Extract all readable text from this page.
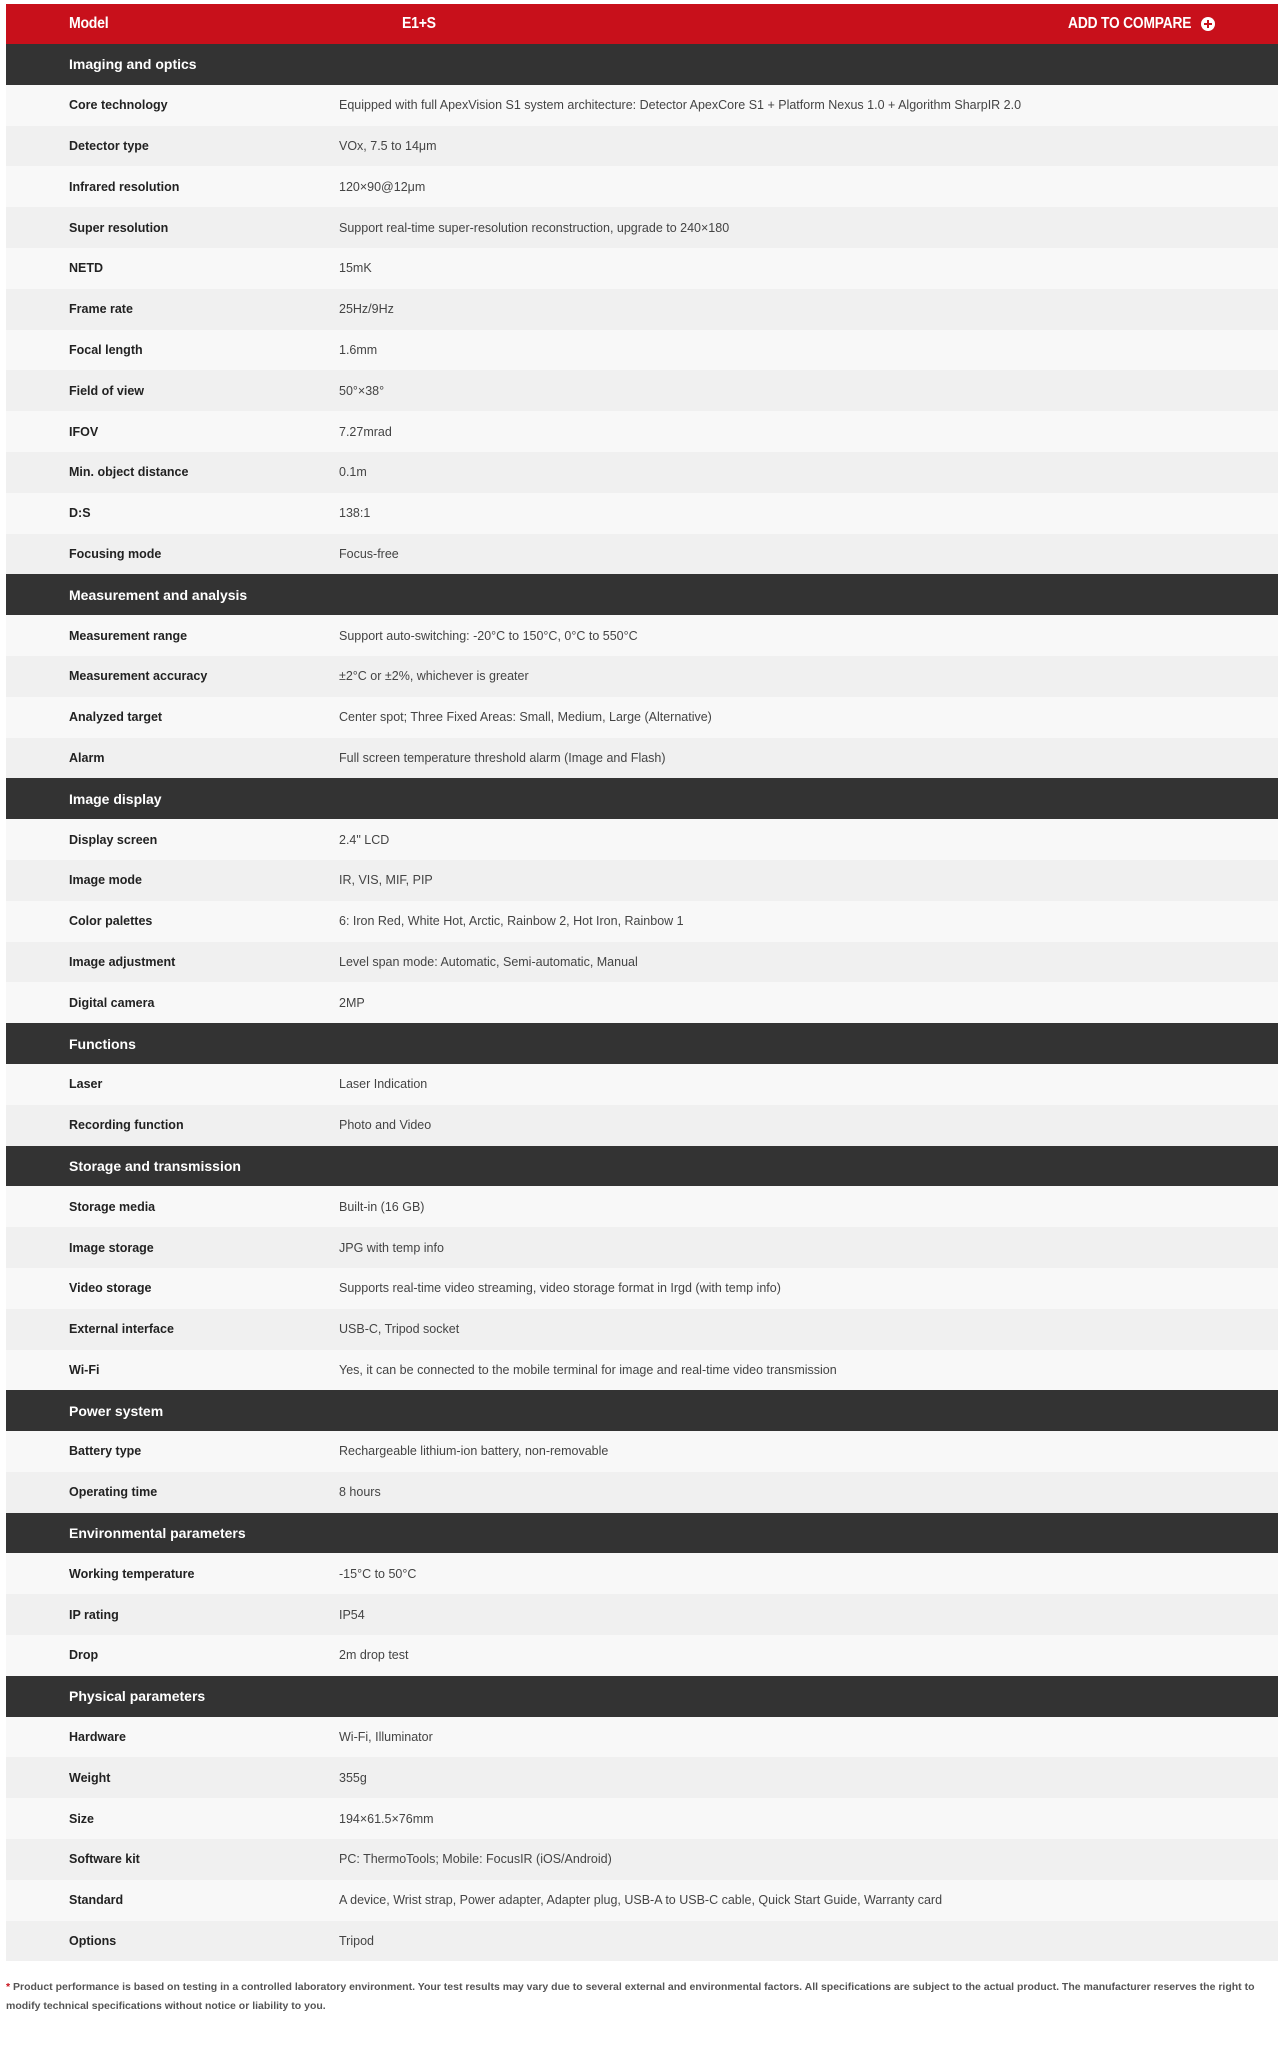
Model	E1+S	ADD TO COMPARE
Imaging and optics
Core technology	Equipped with full ApexVision S1 system architecture: Detector ApexCore S1 + Platform Nexus 1.0 + Algorithm SharpIR 2.0
Detector type	VOx, 7.5 to 14μm
Infrared resolution	120×90@12μm
Super resolution	Support real-time super-resolution reconstruction, upgrade to 240×180
NETD	15mK
Frame rate	25Hz/9Hz
Focal length	1.6mm
Field of view	50°×38°
IFOV	7.27mrad
Min. object distance	0.1m
D:S	138:1
Focusing mode	Focus-free
Measurement and analysis
Measurement range	Support auto-switching: -20°C to 150°C, 0°C to 550°C
Measurement accuracy	±2°C or ±2%, whichever is greater
Analyzed target	Center spot; Three Fixed Areas: Small, Medium, Large (Alternative)
Alarm	Full screen temperature threshold alarm (Image and Flash)
Image display
Display screen	2.4" LCD
Image mode	IR, VIS, MIF, PIP
Color palettes	6: Iron Red, White Hot, Arctic, Rainbow 2, Hot Iron, Rainbow 1
Image adjustment	Level span mode: Automatic, Semi-automatic, Manual
Digital camera	2MP
Functions
Laser	Laser Indication
Recording function	Photo and Video
Storage and transmission
Storage media	Built-in (16 GB)
Image storage	JPG with temp info
Video storage	Supports real-time video streaming, video storage format in Irgd (with temp info)
External interface	USB-C, Tripod socket
Wi-Fi	Yes, it can be connected to the mobile terminal for image and real-time video transmission
Power system
Battery type	Rechargeable lithium-ion battery, non-removable
Operating time	8 hours
Environmental parameters
Working temperature	-15°C to 50°C
IP rating	IP54
Drop	2m drop test
Physical parameters
Hardware	Wi-Fi, Illuminator
Weight	355g
Size	194×61.5×76mm
Software kit	PC: ThermoTools; Mobile: FocusIR (iOS/Android)
Standard	A device, Wrist strap, Power adapter, Adapter plug, USB-A to USB-C cable, Quick Start Guide, Warranty card
Options	Tripod
* Product performance is based on testing in a controlled laboratory environment. Your test results may vary due to several external and environmental factors. All specifications are subject to the actual product. The manufacturer reserves the right to modify technical specifications without notice or liability to you.
